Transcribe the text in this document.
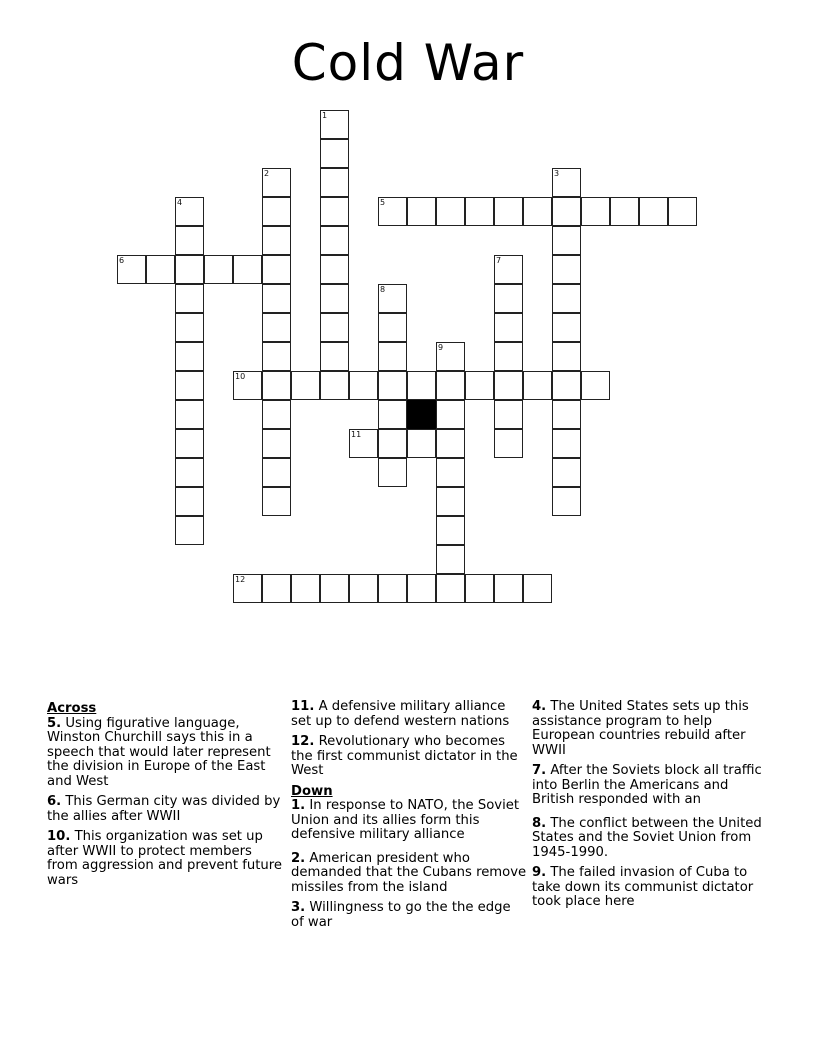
Cold War
1
2	3
4	5
6	7
8
9
10
11
12
Across
5. Using figurative language, Winston Churchill says this in a speech that would later represent the division in Europe of the East and West
6. This German city was divided by the allies after WWII
10. This organization was set up after WWII to protect members from aggression and prevent future wars
11. A defensive military alliance set up to defend western nations
12. Revolutionary who becomes the first communist dictator in the West
Down
1. In response to NATO, the Soviet Union and its allies form this defensive military alliance
2. American president who demanded that the Cubans remove missiles from the island
3. Willingness to go the the edge of war
4. The United States sets up this assistance program to help European countries rebuild after WWII
7. After the Soviets block all traffic into Berlin the Americans and British responded with an
8. The conflict between the United States and the Soviet Union from 1945-1990.
9. The failed invasion of Cuba to take down its communist dictator took place here
